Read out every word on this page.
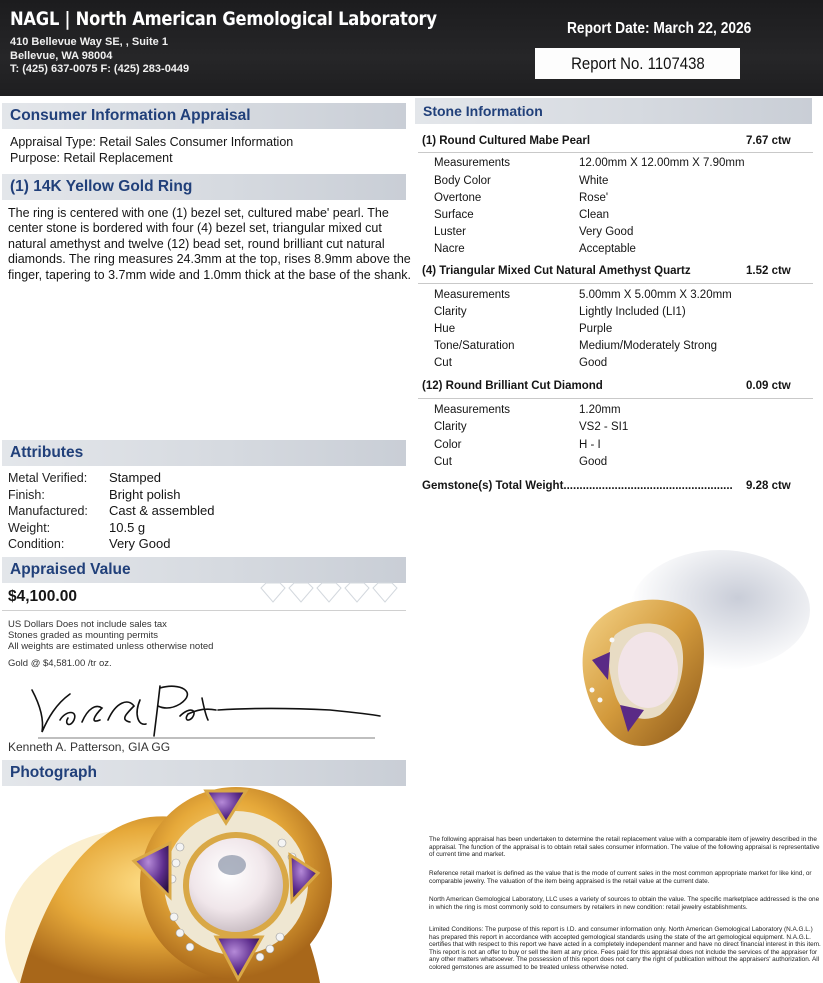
NAGL | North American Gemological Laboratory
410 Bellevue Way SE, , Suite 1
Bellevue, WA 98004
T: (425) 637-0075 F: (425) 283-0449
Report Date: March 22, 2026
Report No. 1107438
Consumer Information Appraisal
Appraisal Type: Retail Sales Consumer Information
Purpose: Retail Replacement
(1) 14K Yellow Gold Ring
The ring is centered with one (1) bezel set, cultured mabe' pearl. The center stone is bordered with four (4) bezel set, triangular mixed cut natural amethyst and twelve (12) bead set, round brilliant cut natural diamonds. The ring measures 24.3mm at the top, rises 8.9mm above the finger, tapering to 3.7mm wide and 1.0mm thick at the base of the shank.
Attributes
Metal Verified: Stamped
Finish:	Bright polish
Manufactured: Cast & assembled
Weight:	10.5 g
Condition:	Very Good
Appraised Value
$4,100.00
US Dollars Does not include sales tax
Stones graded as mounting permits
All weights are estimated unless otherwise noted
Gold @ $4,581.00 /tr oz.
Kenneth A. Patterson, GIA GG
Photograph
Stone Information
(1) Round Cultured Mabe Pearl	7.67 ctw
Measurements	12.00mm X 12.00mm X 7.90mm
Body Color	White
Overtone	Rose'
Surface	Clean
Luster	Very Good
Nacre	Acceptable
(4) Triangular Mixed Cut Natural Amethyst Quartz	1.52 ctw
Measurements	5.00mm X 5.00mm X 3.20mm
Clarity	Lightly Included (LI1)
Hue	Purple
Tone/Saturation	Medium/Moderately Strong
Cut	Good
(12) Round Brilliant Cut Diamond	0.09 ctw
Measurements	1.20mm
Clarity	VS2 - SI1
Color	H - I
Cut	Good
Gemstone(s) Total Weight..................................................... 9.28 ctw
The following appraisal has been undertaken to determine the retail replacement value with a comparable item of jewelry described in the appraisal. The function of the appraisal is to obtain retail sales consumer information. The value of the following appraisal is representative of current time and market.
Reference retail market is defined as the value that is the mode of current sales in the most common appropriate market for like kind, or comparable jewelry. The valuation of the item being appraised is the retail value at the current date.
North American Gemological Laboratory, LLC uses a variety of sources to obtain the value. The specific marketplace addressed is the one in which the ring is most commonly sold to consumers by retailers in new condition: retail jewelry establishments.
Limited Conditions: The purpose of this report is I.D. and consumer information only. North American Gemological Laboratory (N.A.G.L.) has prepared this report in accordance with accepted gemological standards using the state of the art gemological equipment. N.A.G.L. certifies that with respect to this report we have acted in a completely independent manner and have no direct financial interest in this item. This report is not an offer to buy or sell the item at any price. Fees paid for this appraisal does not include the services of the appraiser for any other matters whatsoever. The possession of this report does not carry the right of publication without the appraisers' authorization. All colored gemstones are assumed to be treated unless otherwise noted.
